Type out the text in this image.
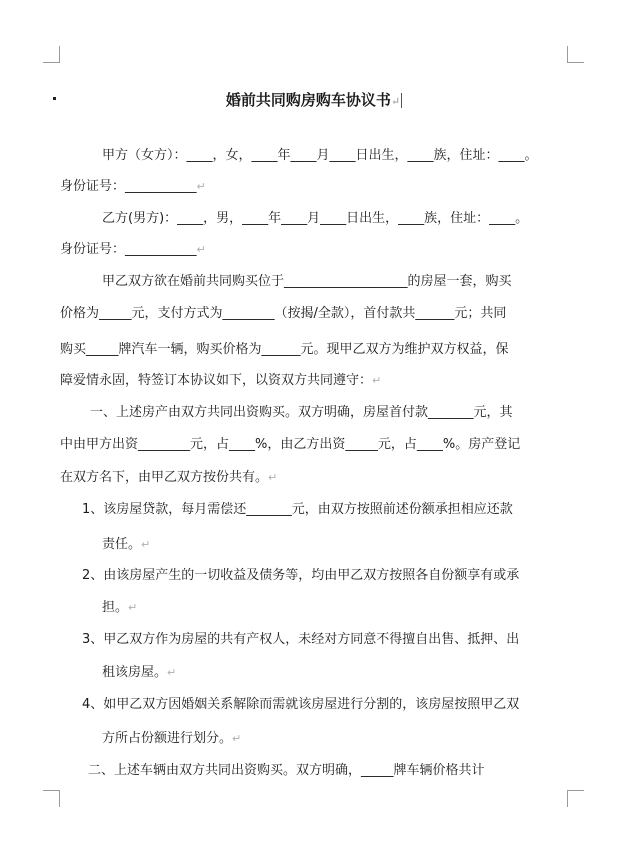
婚前共同购房购车协议书↵
甲方（女方）：____，女，____年____月____日出生，____族，住址：____。
身份证号：___________↵
乙方(男方)：____，男，____年____月____日出生，____族，住址：____。
身份证号：___________↵
甲乙双方欲在婚前共同购买位于___________________的房屋一套，购买
价格为_____元，支付方式为________（按揭/全款），首付款共______元；共同
购买_____牌汽车一辆，购买价格为______元。现甲乙双方为维护双方权益，保
障爱情永固，特签订本协议如下，以资双方共同遵守：↵
一、上述房产由双方共同出资购买。双方明确，房屋首付款_______元，其
中由甲方出资________元，占____%，由乙方出资_____元，占____%。房产登记
在双方名下，由甲乙双方按份共有。↵
1、该房屋贷款，每月需偿还_______元，由双方按照前述份额承担相应还款
责任。↵
2、由该房屋产生的一切收益及债务等，均由甲乙双方按照各自份额享有或承
担。↵
3、甲乙双方作为房屋的共有产权人，未经对方同意不得擅自出售、抵押、出
租该房屋。↵
4、如甲乙双方因婚姻关系解除而需就该房屋进行分割的，该房屋按照甲乙双
方所占份额进行划分。↵
二、上述车辆由双方共同出资购买。双方明确，_____牌车辆价格共计
